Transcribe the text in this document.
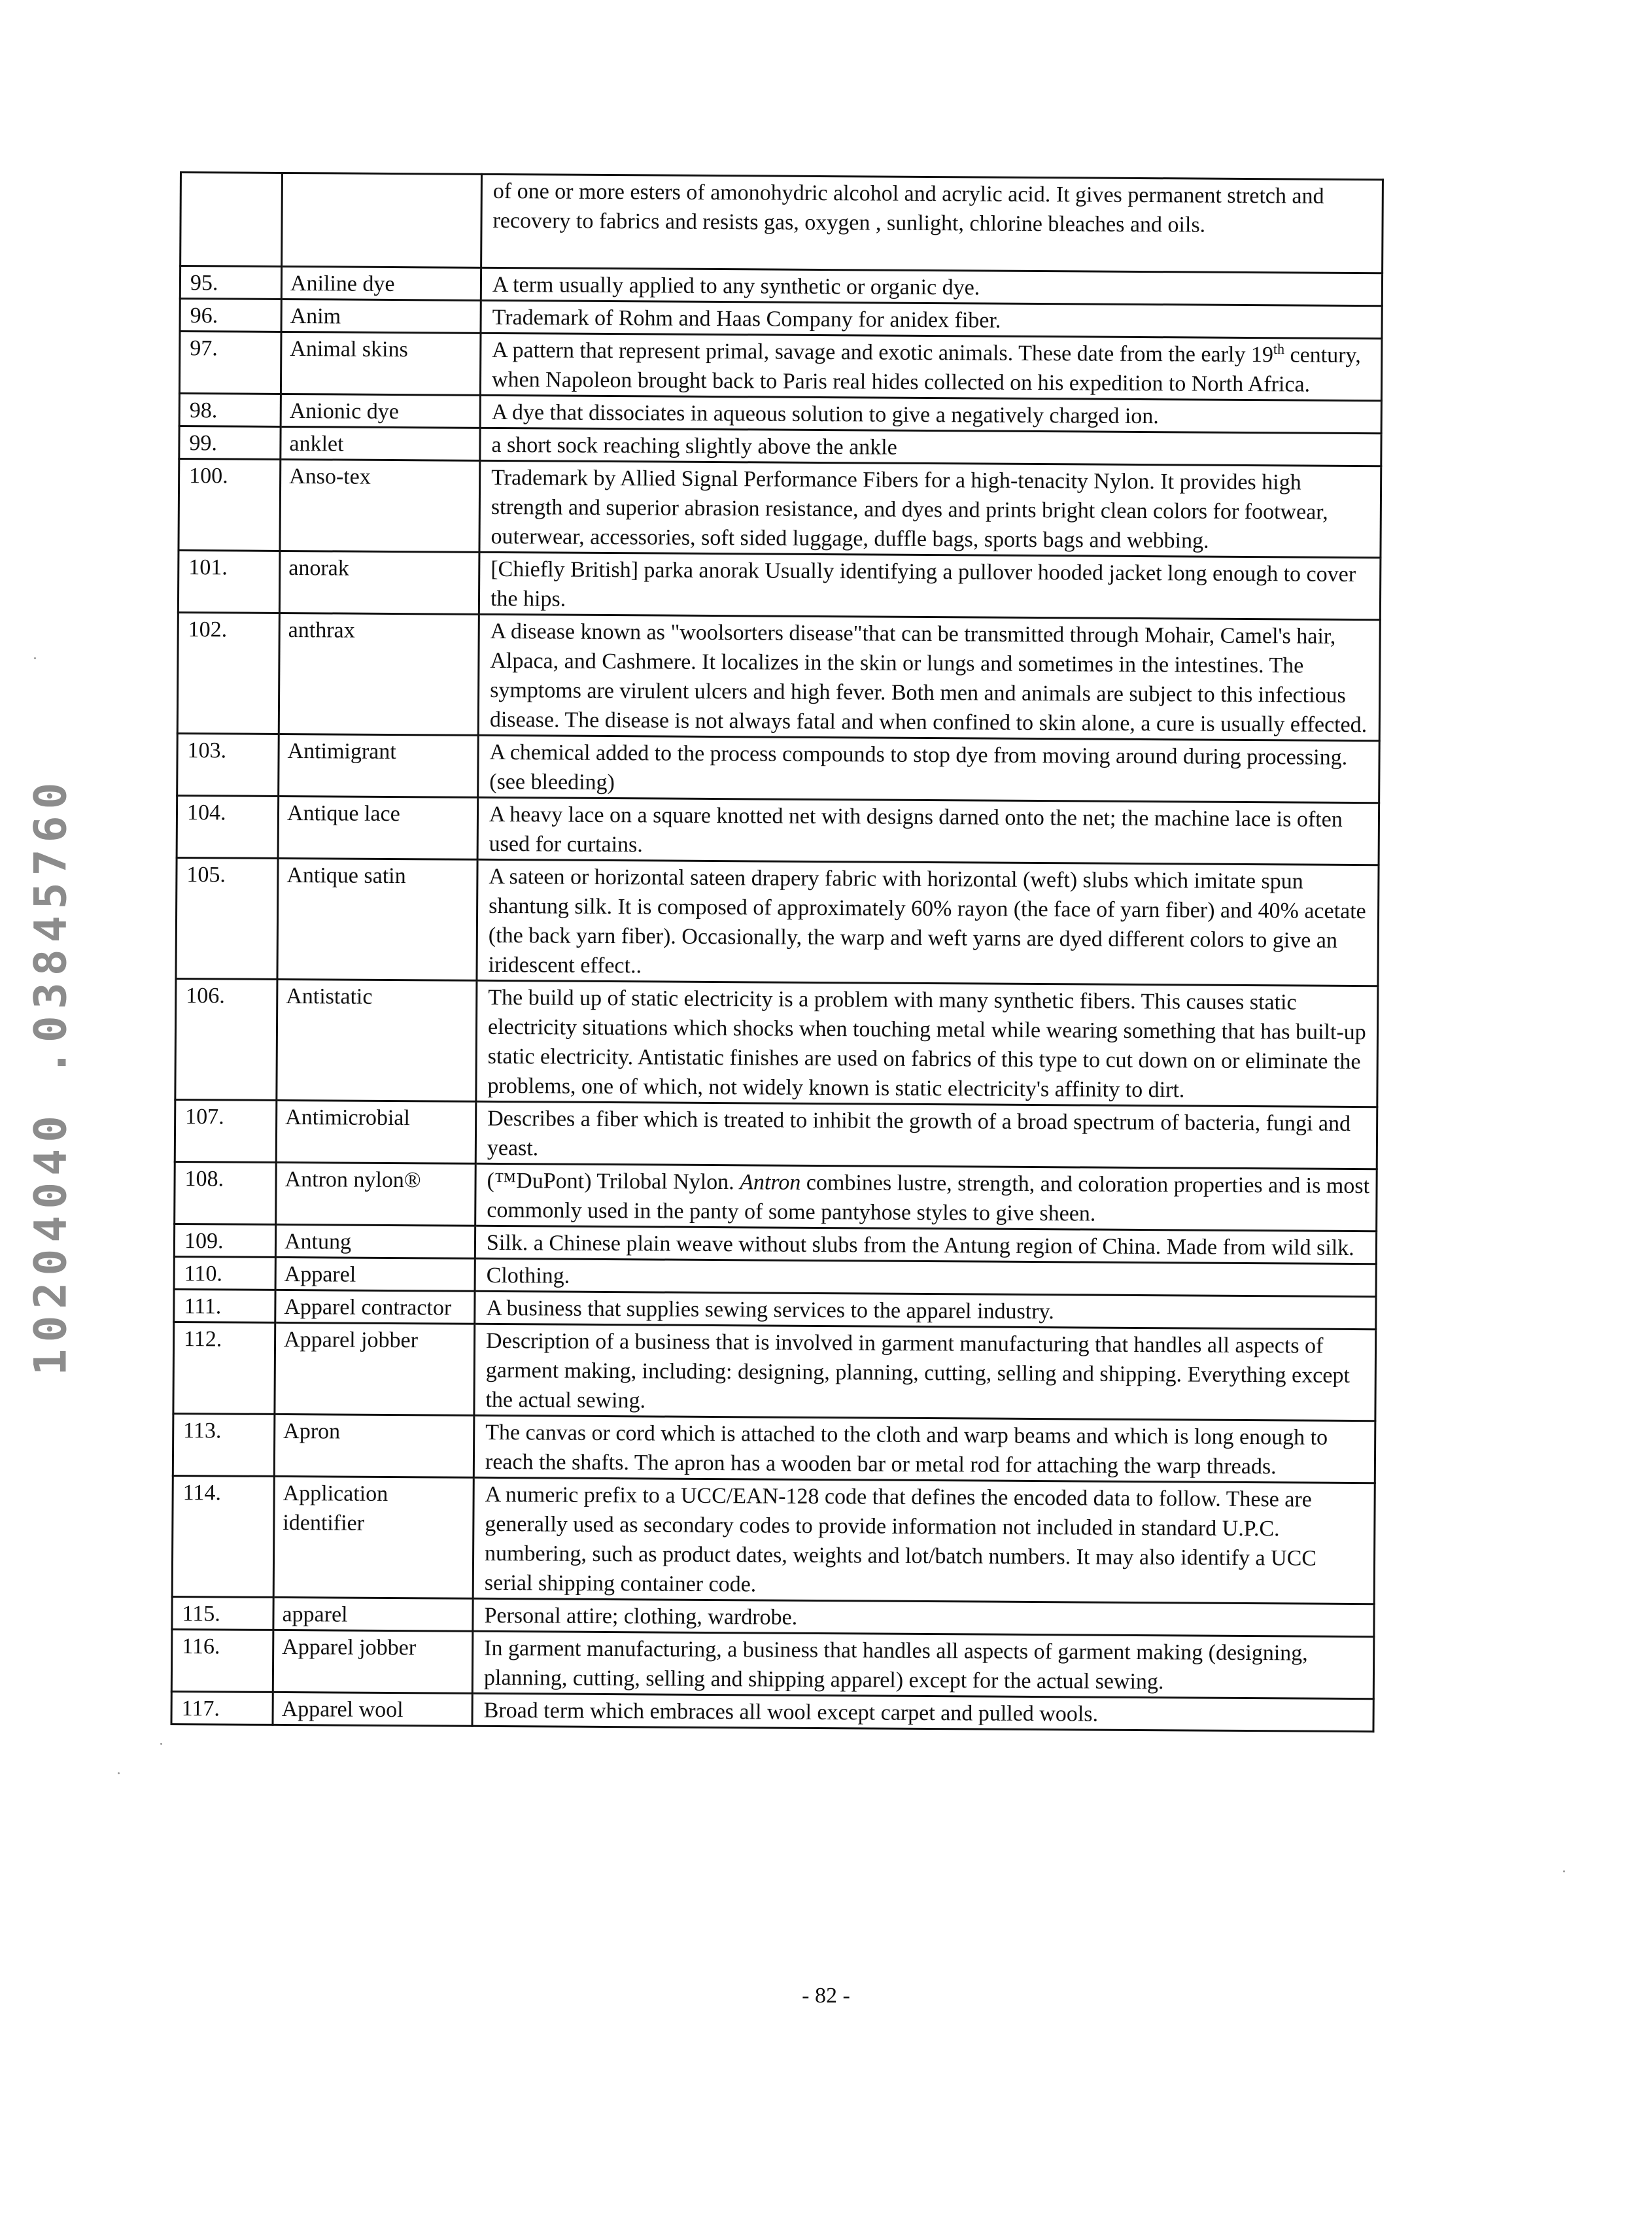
10204040 .03845760
		of one or more esters of amonohydric alcohol and acrylic acid. It gives permanent stretch and recovery to fabrics and resists gas, oxygen , sunlight, chlorine bleaches and oils.
95.	Aniline dye	A term usually applied to any synthetic or organic dye.
96.	Anim	Trademark of Rohm and Haas Company for anidex fiber.
97.	Animal skins	A pattern that represent primal, savage and exotic animals. These date from the early 19th century, when Napoleon brought back to Paris real hides collected on his expedition to North Africa.
98.	Anionic dye	A dye that dissociates in aqueous solution to give a negatively charged ion.
99.	anklet	a short sock reaching slightly above the ankle
100.	Anso-tex	Trademark by Allied Signal Performance Fibers for a high-tenacity Nylon. It provides high strength and superior abrasion resistance, and dyes and prints bright clean colors for footwear, outerwear, accessories, soft sided luggage, duffle bags, sports bags and webbing.
101.	anorak	[Chiefly British] parka anorak Usually identifying a pullover hooded jacket long enough to cover the hips.
102.	anthrax	A disease known as "woolsorters disease"that can be transmitted through Mohair, Camel's hair, Alpaca, and Cashmere. It localizes in the skin or lungs and sometimes in the intestines. The symptoms are virulent ulcers and high fever. Both men and animals are subject to this infectious disease. The disease is not always fatal and when confined to skin alone, a cure is usually effected.
103.	Antimigrant	A chemical added to the process compounds to stop dye from moving around during processing. (see bleeding)
104.	Antique lace	A heavy lace on a square knotted net with designs darned onto the net; the machine lace is often used for curtains.
105.	Antique satin	A sateen or horizontal sateen drapery fabric with horizontal (weft) slubs which imitate spun shantung silk. It is composed of approximately 60% rayon (the face of yarn fiber) and 40% acetate (the back yarn fiber). Occasionally, the warp and weft yarns are dyed different colors to give an iridescent effect..
106.	Antistatic	The build up of static electricity is a problem with many synthetic fibers. This causes static electricity situations which shocks when touching metal while wearing something that has built-up static electricity. Antistatic finishes are used on fabrics of this type to cut down on or eliminate the problems, one of which, not widely known is static electricity's affinity to dirt.
107.	Antimicrobial	Describes a fiber which is treated to inhibit the growth of a broad spectrum of bacteria, fungi and yeast.
108.	Antron nylon®	(™DuPont) Trilobal Nylon. Antron combines lustre, strength, and coloration properties and is most commonly used in the panty of some pantyhose styles to give sheen.
109.	Antung	Silk. a Chinese plain weave without slubs from the Antung region of China. Made from wild silk.
110.	Apparel	Clothing.
111.	Apparel contractor	A business that supplies sewing services to the apparel industry.
112.	Apparel jobber	Description of a business that is involved in garment manufacturing that handles all aspects of garment making, including: designing, planning, cutting, selling and shipping. Everything except the actual sewing.
113.	Apron	The canvas or cord which is attached to the cloth and warp beams and which is long enough to reach the shafts. The apron has a wooden bar or metal rod for attaching the warp threads.
114.	Application identifier	A numeric prefix to a UCC/EAN-128 code that defines the encoded data to follow. These are generally used as secondary codes to provide information not included in standard U.P.C. numbering, such as product dates, weights and lot/batch numbers. It may also identify a UCC serial shipping container code.
115.	apparel	Personal attire; clothing, wardrobe.
116.	Apparel jobber	In garment manufacturing, a business that handles all aspects of garment making (designing, planning, cutting, selling and shipping apparel) except for the actual sewing.
117.	Apparel wool	Broad term which embraces all wool except carpet and pulled wools.
- 82 -
